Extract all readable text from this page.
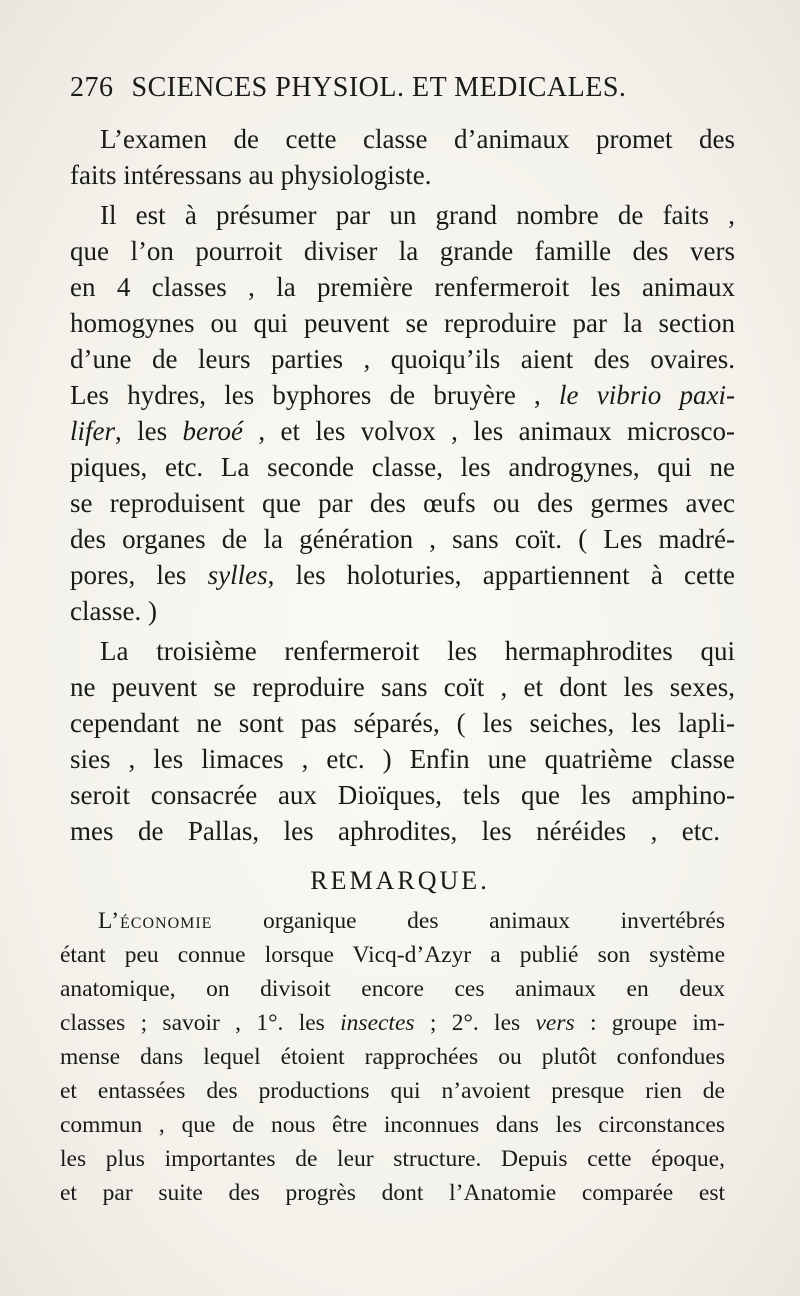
276 SCIENCES PHYSIOL. ET MEDICALES.
L’examen de cette classe d’animaux promet des
faits intéressans au physiologiste.
Il est à présumer par un grand nombre de faits ,
que l’on pourroit diviser la grande famille des vers
en 4 classes , la première renfermeroit les animaux
homogynes ou qui peuvent se reproduire par la section
d’une de leurs parties , quoiqu’ils aient des ovaires.
Les hydres, les byphores de bruyère , le vibrio paxi-
lifer, les beroé , et les volvox , les animaux microsco-
piques, etc. La seconde classe, les androgynes, qui ne
se reproduisent que par des œufs ou des germes avec
des organes de la génération , sans coït. ( Les madré-
pores, les sylles, les holoturies, appartiennent à cette
classe. )
La troisième renfermeroit les hermaphrodites qui
ne peuvent se reproduire sans coït , et dont les sexes,
cependant ne sont pas séparés, ( les seiches, les lapli-
sies , les limaces , etc. ) Enfin une quatrième classe
seroit consacrée aux Dioïques, tels que les amphino-
mes de Pallas, les aphrodites, les néréides , etc.
REMARQUE.
L’économie organique des animaux invertébrés
étant peu connue lorsque Vicq-d’Azyr a publié son système
anatomique, on divisoit encore ces animaux en deux
classes ; savoir , 1°. les insectes ; 2°. les vers : groupe im-
mense dans lequel étoient rapprochées ou plutôt confondues
et entassées des productions qui n’avoient presque rien de
commun , que de nous être inconnues dans les circonstances
les plus importantes de leur structure. Depuis cette époque,
et par suite des progrès dont l’Anatomie comparée est
